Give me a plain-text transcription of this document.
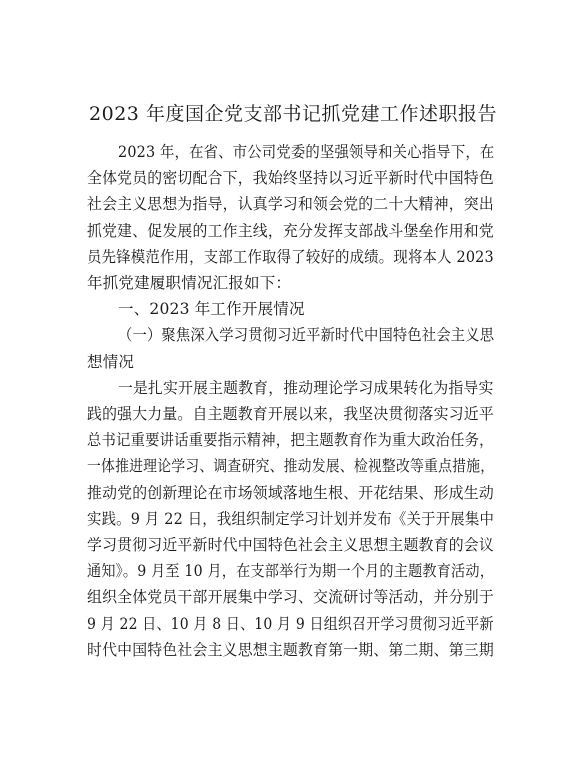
2023 年度国企党支部书记抓党建工作述职报告
2023 年，在省、市公司党委的坚强领导和关心指导下，在
全体党员的密切配合下，我始终坚持以习近平新时代中国特色
社会主义思想为指导，认真学习和领会党的二十大精神，突出
抓党建、促发展的工作主线，充分发挥支部战斗堡垒作用和党
员先锋模范作用，支部工作取得了较好的成绩。现将本人 2023
年抓党建履职情况汇报如下：
一、2023 年工作开展情况
（一）聚焦深入学习贯彻习近平新时代中国特色社会主义思
想情况
一是扎实开展主题教育，推动理论学习成果转化为指导实
践的强大力量。自主题教育开展以来，我坚决贯彻落实习近平
总书记重要讲话重要指示精神，把主题教育作为重大政治任务，
一体推进理论学习、调查研究、推动发展、检视整改等重点措施，
推动党的创新理论在市场领域落地生根、开花结果、形成生动
实践。9 月 22 日，我组织制定学习计划并发布《关于开展集中
学习贯彻习近平新时代中国特色社会主义思想主题教育的会议
通知》。9 月至 10 月，在支部举行为期一个月的主题教育活动，
组织全体党员干部开展集中学习、交流研讨等活动，并分别于
9 月 22 日、10 月 8 日、10 月 9 日组织召开学习贯彻习近平新
时代中国特色社会主义思想主题教育第一期、第二期、第三期
